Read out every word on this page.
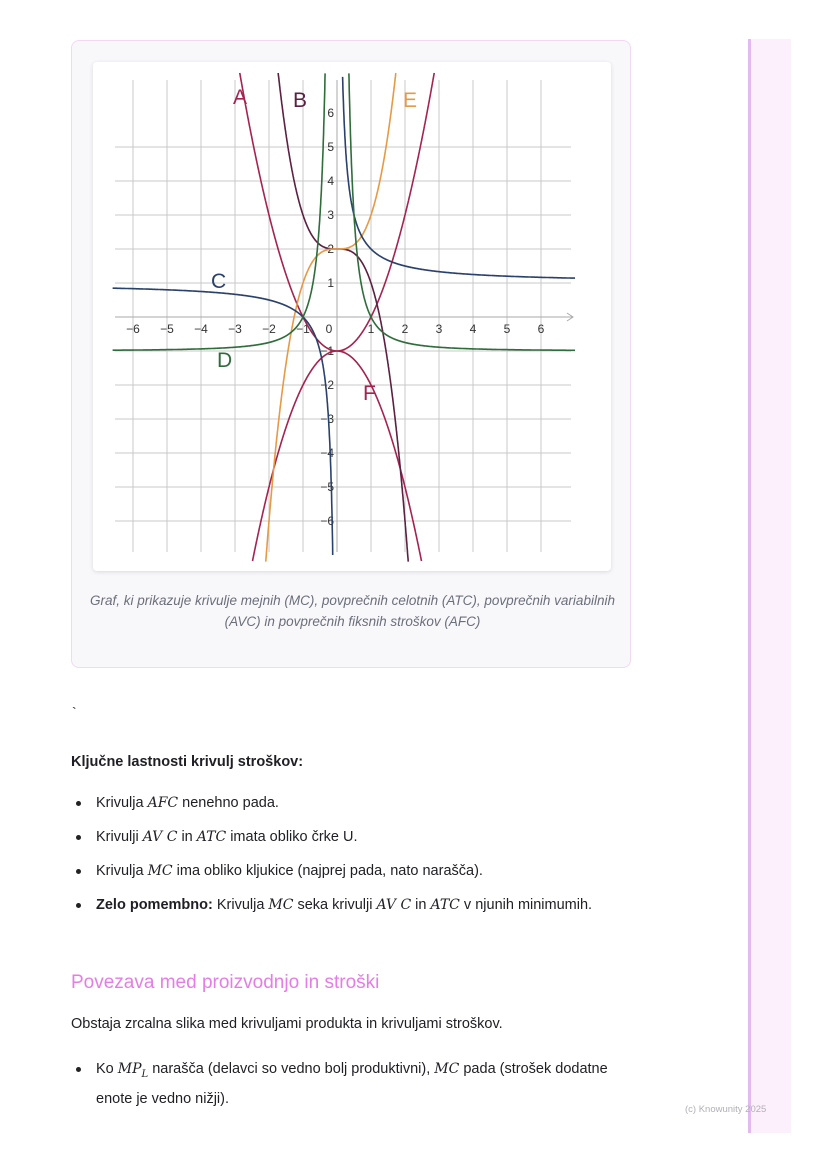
−6 −5 −4 −3 −2 −1 0	1 2 3 4 5 6
6
5
4
3
2
1
−1
−2
−3
−4
−5
−6
A B
C
D
E
F
Graf, ki prikazuje krivulje mejnih (MC), povprečnih celotnih (ATC), povprečnih variabilnih (AVC) in povprečnih fiksnih stroškov (AFC)
`
Ključne lastnosti krivulj stroškov:
Krivulja AFC nenehno pada.
Krivulji AV C in ATC imata obliko črke U.
Krivulja MC ima obliko kljukice (najprej pada, nato narašča).
Zelo pomembno: Krivulja MC seka krivulji AV C in ATC v njunih minimumih.
Povezava med proizvodnjo in stroški
Obstaja zrcalna slika med krivuljami produkta in krivuljami stroškov.
Ko $MP_L$ narašča (delavci so vedno bolj produktivni), MC pada (strošek dodatne enote je vedno nižji).
(c) Knowunity 2025
